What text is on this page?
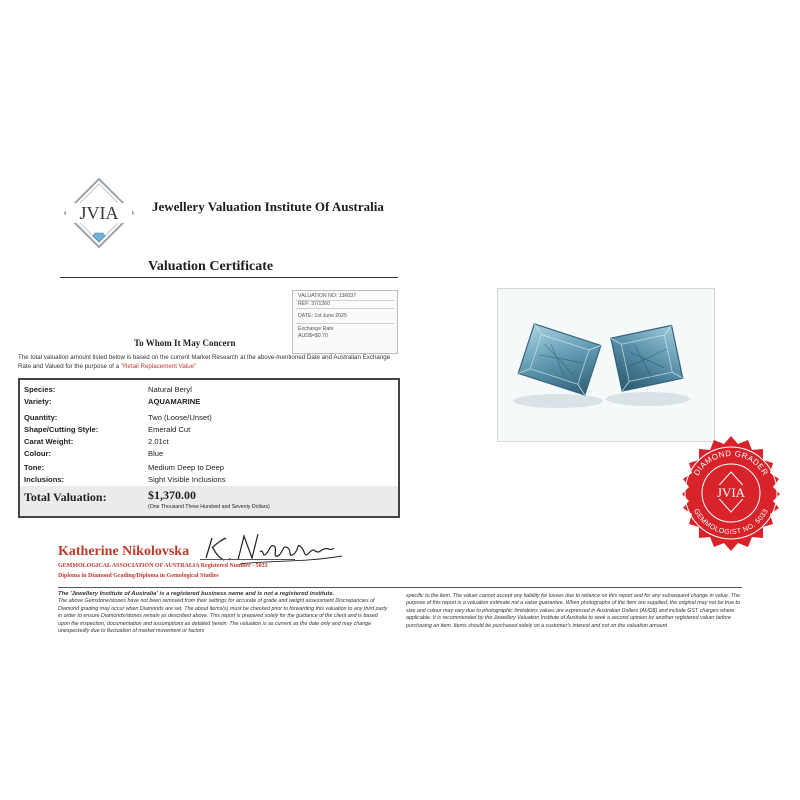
JVIA	Jewellery Valuation Institute Of Australia
Valuation Certificate
VALUATION NO: 136037
REF: 37/1360
DATE: 1st June 2025
Exchange Rate
AUD$=$0.70
To Whom It May Concern
The total valuation amount listed below is based on the current Market Research at the above-mentioned Date and Australian Exchange Rate and Valued for the purpose of a "Retail Replacement Value"
Species:	Natural Beryl
Variety:	AQUAMARINE
Quantity:	Two (Loose/Unset)
Shape/Cutting Style:	Emerald Cut
Carat Weight:	2.01ct
Colour:	Blue
Tone:	Medium Deep to Deep
Inclusions:	Sight Visible Inclusions
Total Valuation:	$1,370.00
(One Thousand Three Hundred and Seventy Dollars)
DIAMOND GRADER
GEMMOLOGIST NO. 5033
JVIA
Katherine Nikolovska
GEMMOLOGICAL ASSOCIATION OF AUSTRALIA Registered Number - 5033
Diploma in Diamond Grading/Diploma in Gemological Studies
The 'Jewellery Institute of Australia' is a registered business name and is not a registered institute.
The above Gemstone/stones have not been removed from their settings for accurate of grade and weight assessment Discrepancies of Diamond grading may occur when Diamonds are set. The about items(s) must be checked prior to forwarding this valuation to any third party in order to ensure Diamonds/stones remain as described above. This report is prepared solely for the guidance of the client and is based upon the inspection, documentation and assumptions as detailed herein. The valuation is as current as the date only and may change unexpectedly due to fluctuation of market movement or factors
specific to the item. The valuer cannot accept any liability for losses due to reliance on this report and for any subsequent change in value. The purpose of this report is a valuation estimate not a value guarantee. When photographs of the item are supplied, the original may not be true to size and colour may vary due to photographic limitations values are expressed in Australian Dollars (AUD$) and include GST charges where applicable. It is recommended by the Jewellery Valuation Institute of Australia to seek a second opinion by another registered valuer before purchasing an item. Items should be purchased solely on a customer's interest and not on the valuation amount.
